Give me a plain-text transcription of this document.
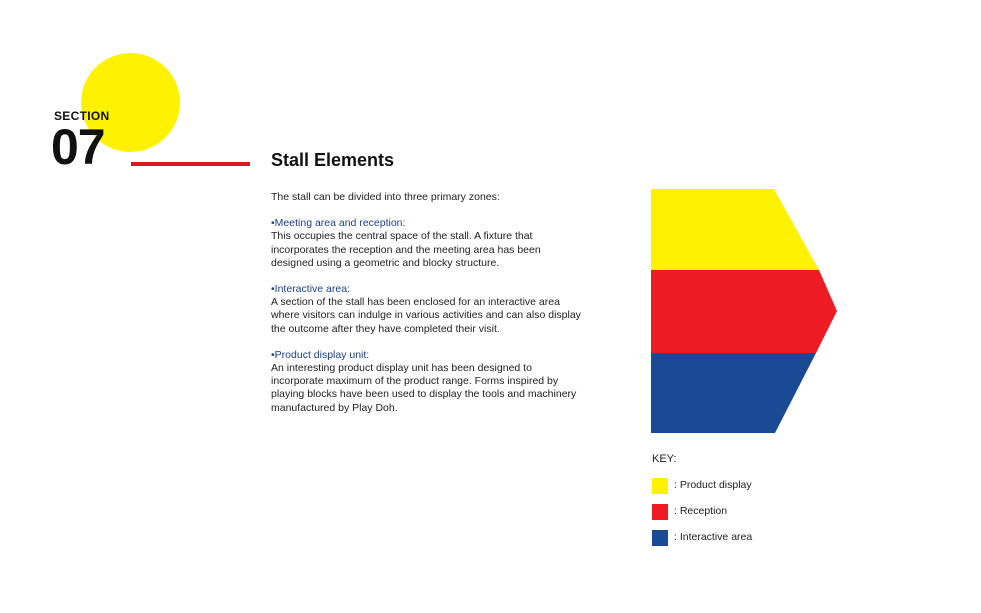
SECTION
07	Stall Elements

The stall can be divided into three primary zones:

•Meeting area and reception:
This occupies the central space of the stall. A fixture that incorporates the reception and the meeting area has been designed using a geometric and blocky structure.

•Interactive area:
A section of the stall has been enclosed for an interactive area where visitors can indulge in various activities and can also display the outcome after they have completed their visit.

•Product display unit:
An interesting product display unit has been designed to incorporate maximum of the product range. Forms inspired by playing blocks have been used to display the tools and machinery manufactured by Play Doh.

KEY:
: Product display
: Reception
: Interactive area
